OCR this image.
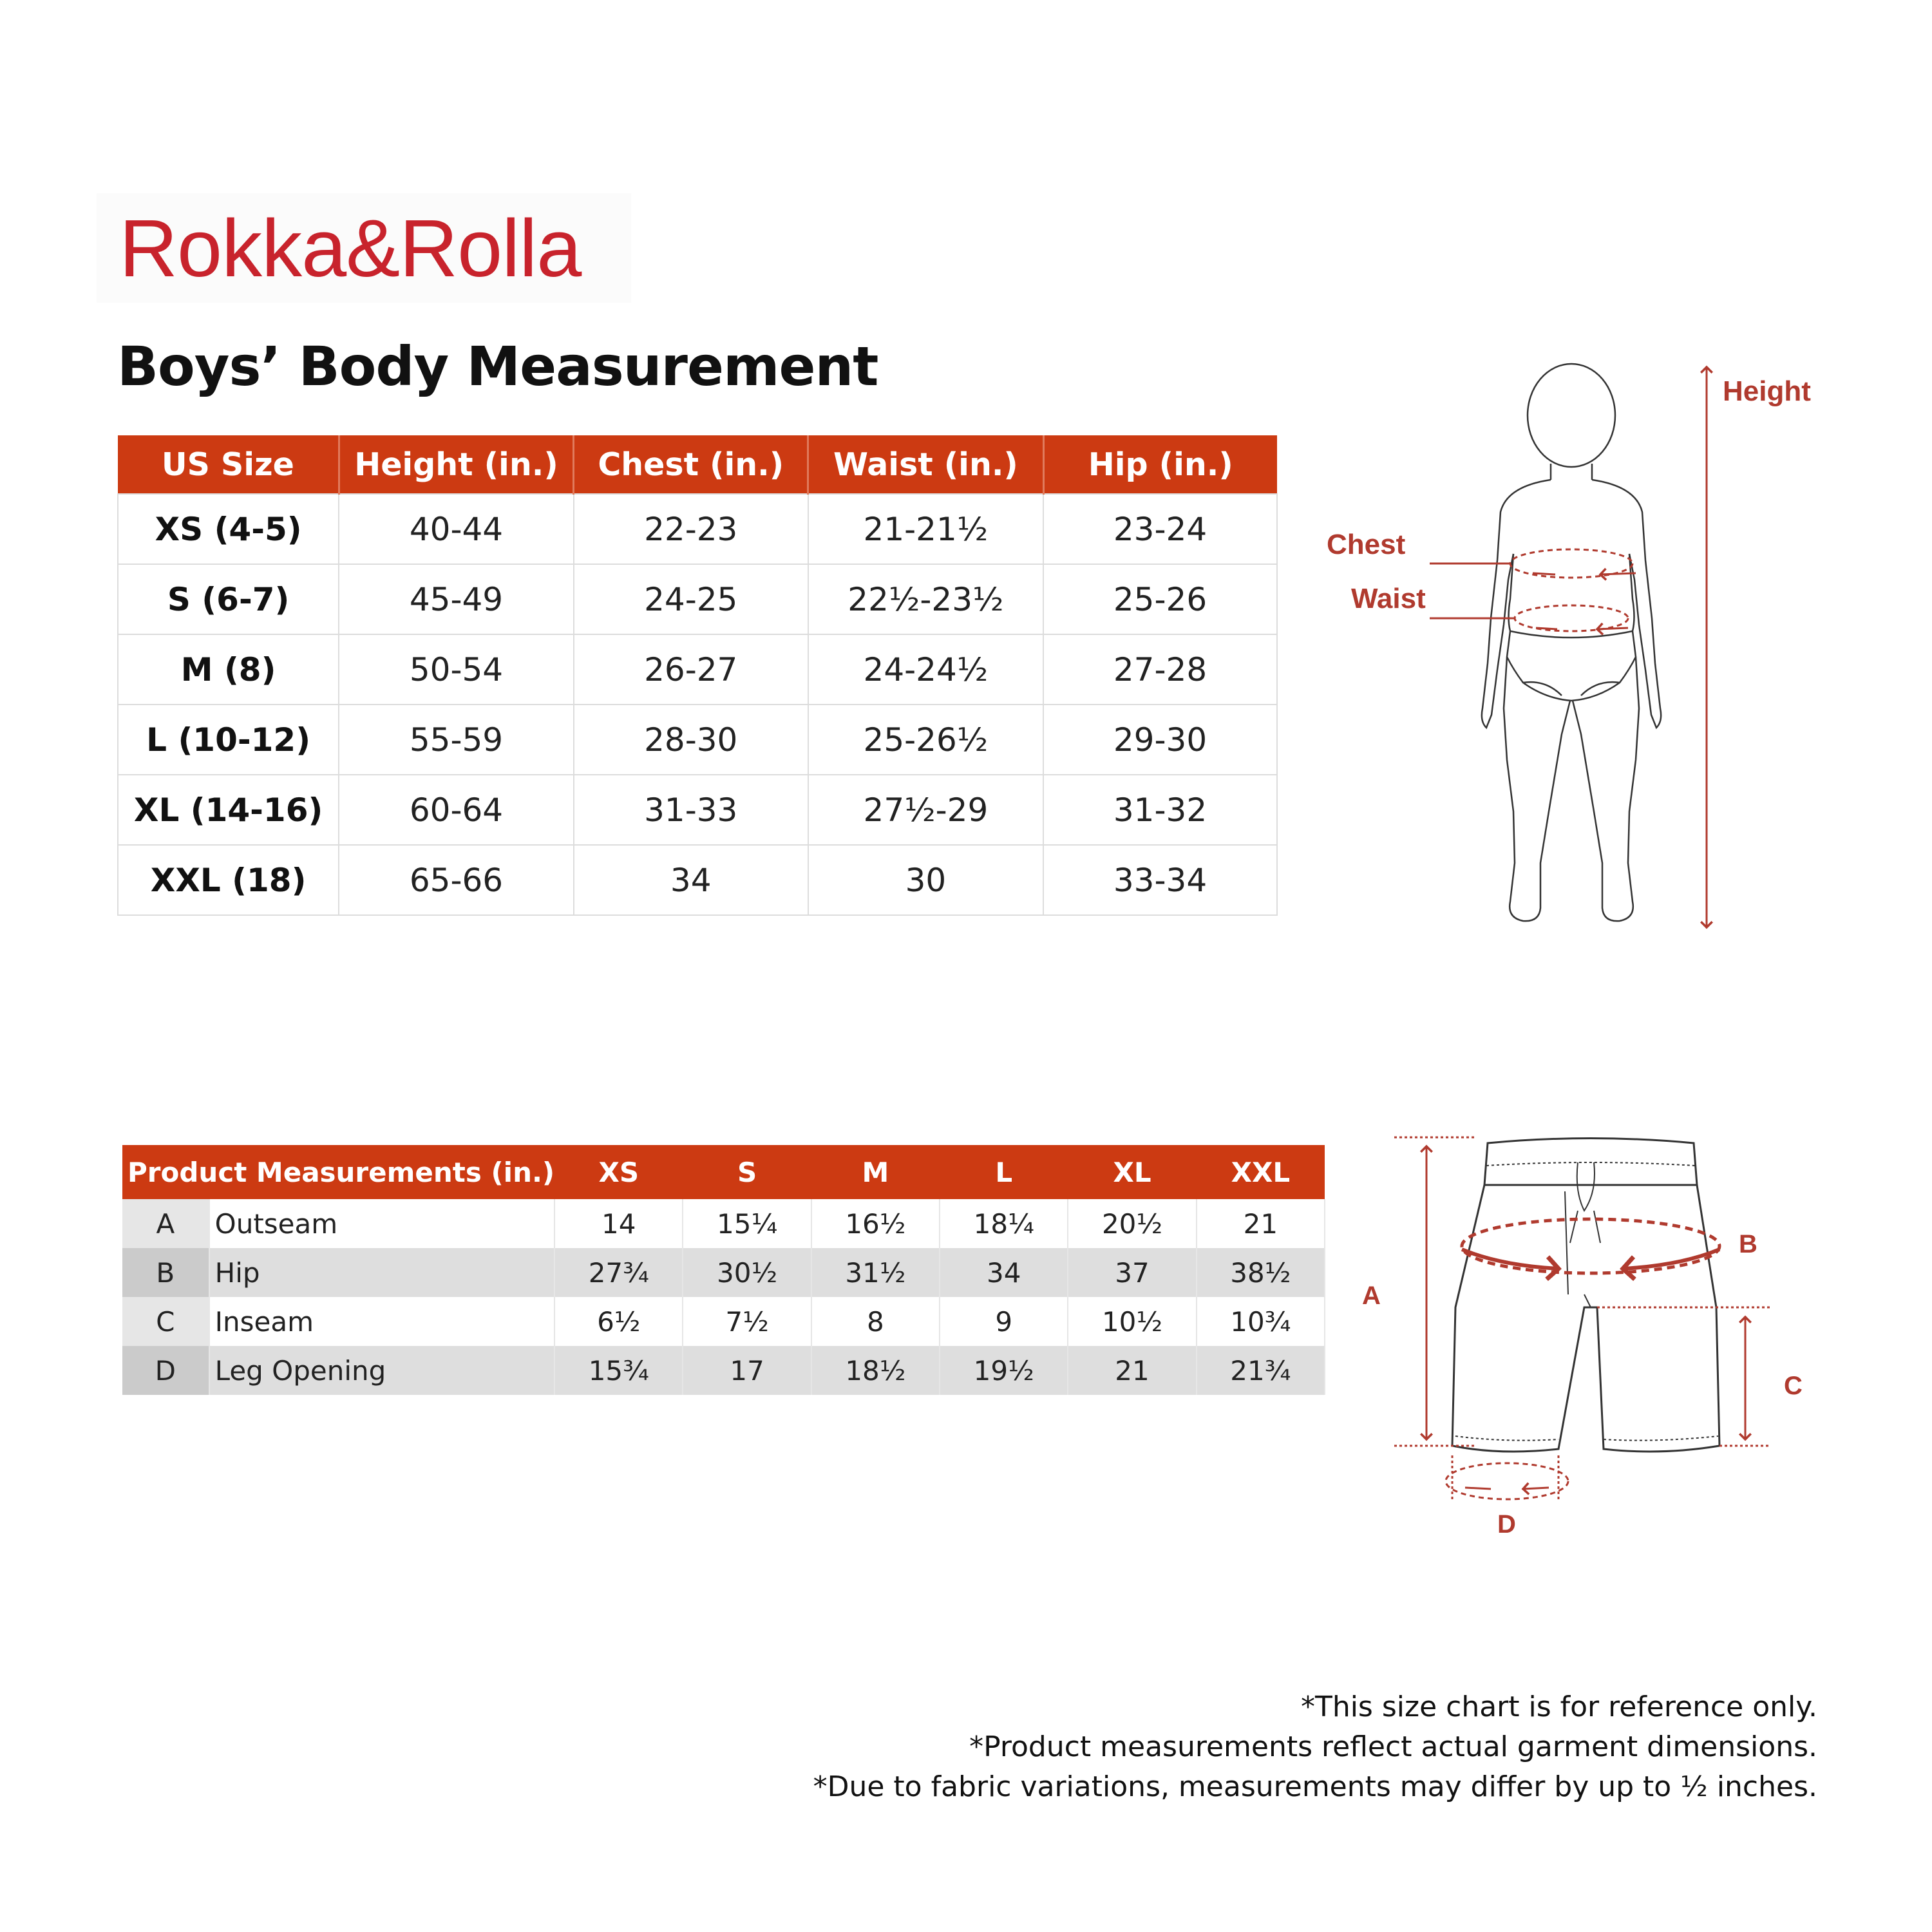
Rokka&Rolla
Boys’ Body Measurement
US Size	Height (in.)	Chest (in.)	Waist (in.)	Hip (in.)
XS (4-5)	40-44	22-23	21-21½	23-24
S (6-7)	45-49	24-25	22½-23½	25-26
M (8)	50-54	26-27	24-24½	27-28
L (10-12)	55-59	28-30	25-26½	29-30
XL (14-16)	60-64	31-33	27½-29	31-32
XXL (18)	65-66	34	30	33-34
Chest
Waist
Height
Product Measurements (in.)		XS	S	M	L	XL	XXL
A	Outseam	14	15¼	16½	18¼	20½	21
B	Hip	27¾	30½	31½	34	37	38½
C	Inseam	6½	7½	8	9	10½	10¾
D	Leg Opening	15¾	17	18½	19½	21	21¾
B
A
C
D
*This size chart is for reference only.
*Product measurements reflect actual garment dimensions.
*Due to fabric variations, measurements may differ by up to ½ inches.
